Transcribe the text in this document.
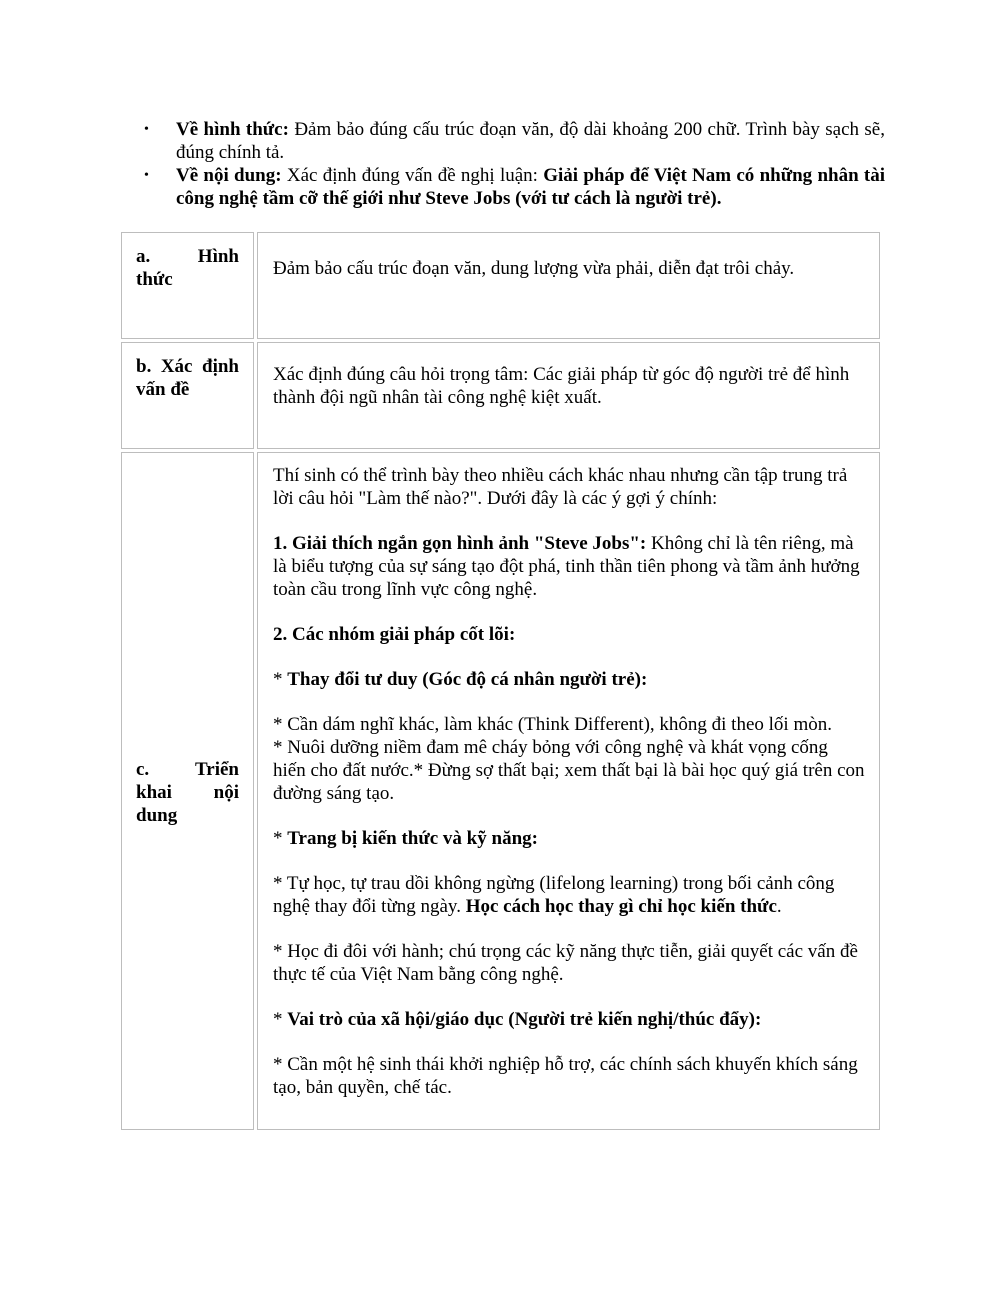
• Về hình thức: Đảm bảo đúng cấu trúc đoạn văn, độ dài khoảng 200 chữ. Trình bày sạch sẽ, đúng chính tả.
• Về nội dung: Xác định đúng vấn đề nghị luận: Giải pháp để Việt Nam có những nhân tài công nghệ tầm cỡ thế giới như Steve Jobs (với tư cách là người trẻ).
a. Hình
thức
Đảm bảo cấu trúc đoạn văn, dung lượng vừa phải, diễn đạt trôi chảy.
b. Xác định
vấn đề
Xác định đúng câu hỏi trọng tâm: Các giải pháp từ góc độ người trẻ để hình thành đội ngũ nhân tài công nghệ kiệt xuất.
c. Triển
khai nội
dung

Thí sinh có thể trình bày theo nhiều cách khác nhau nhưng cần tập trung trả lời câu hỏi "Làm thế nào?". Dưới đây là các ý gợi ý chính:

1. Giải thích ngắn gọn hình ảnh "Steve Jobs": Không chỉ là tên riêng, mà là biểu tượng của sự sáng tạo đột phá, tinh thần tiên phong và tầm ảnh hưởng toàn cầu trong lĩnh vực công nghệ.

2. Các nhóm giải pháp cốt lõi:

* Thay đổi tư duy (Góc độ cá nhân người trẻ):

* Cần dám nghĩ khác, làm khác (Think Different), không đi theo lối mòn.

* Nuôi dưỡng niềm đam mê cháy bỏng với công nghệ và khát vọng cống hiến cho đất nước.* Đừng sợ thất bại; xem thất bại là bài học quý giá trên con đường sáng tạo.

* Trang bị kiến thức và kỹ năng:

* Tự học, tự trau dồi không ngừng (lifelong learning) trong bối cảnh công nghệ thay đổi từng ngày. Học cách học thay gì chỉ học kiến thức.

* Học đi đôi với hành; chú trọng các kỹ năng thực tiễn, giải quyết các vấn đề thực tế của Việt Nam bằng công nghệ.

* Vai trò của xã hội/giáo dục (Người trẻ kiến nghị/thúc đẩy):

* Cần một hệ sinh thái khởi nghiệp hỗ trợ, các chính sách khuyến khích sáng tạo, bản quyền, chế tác.
